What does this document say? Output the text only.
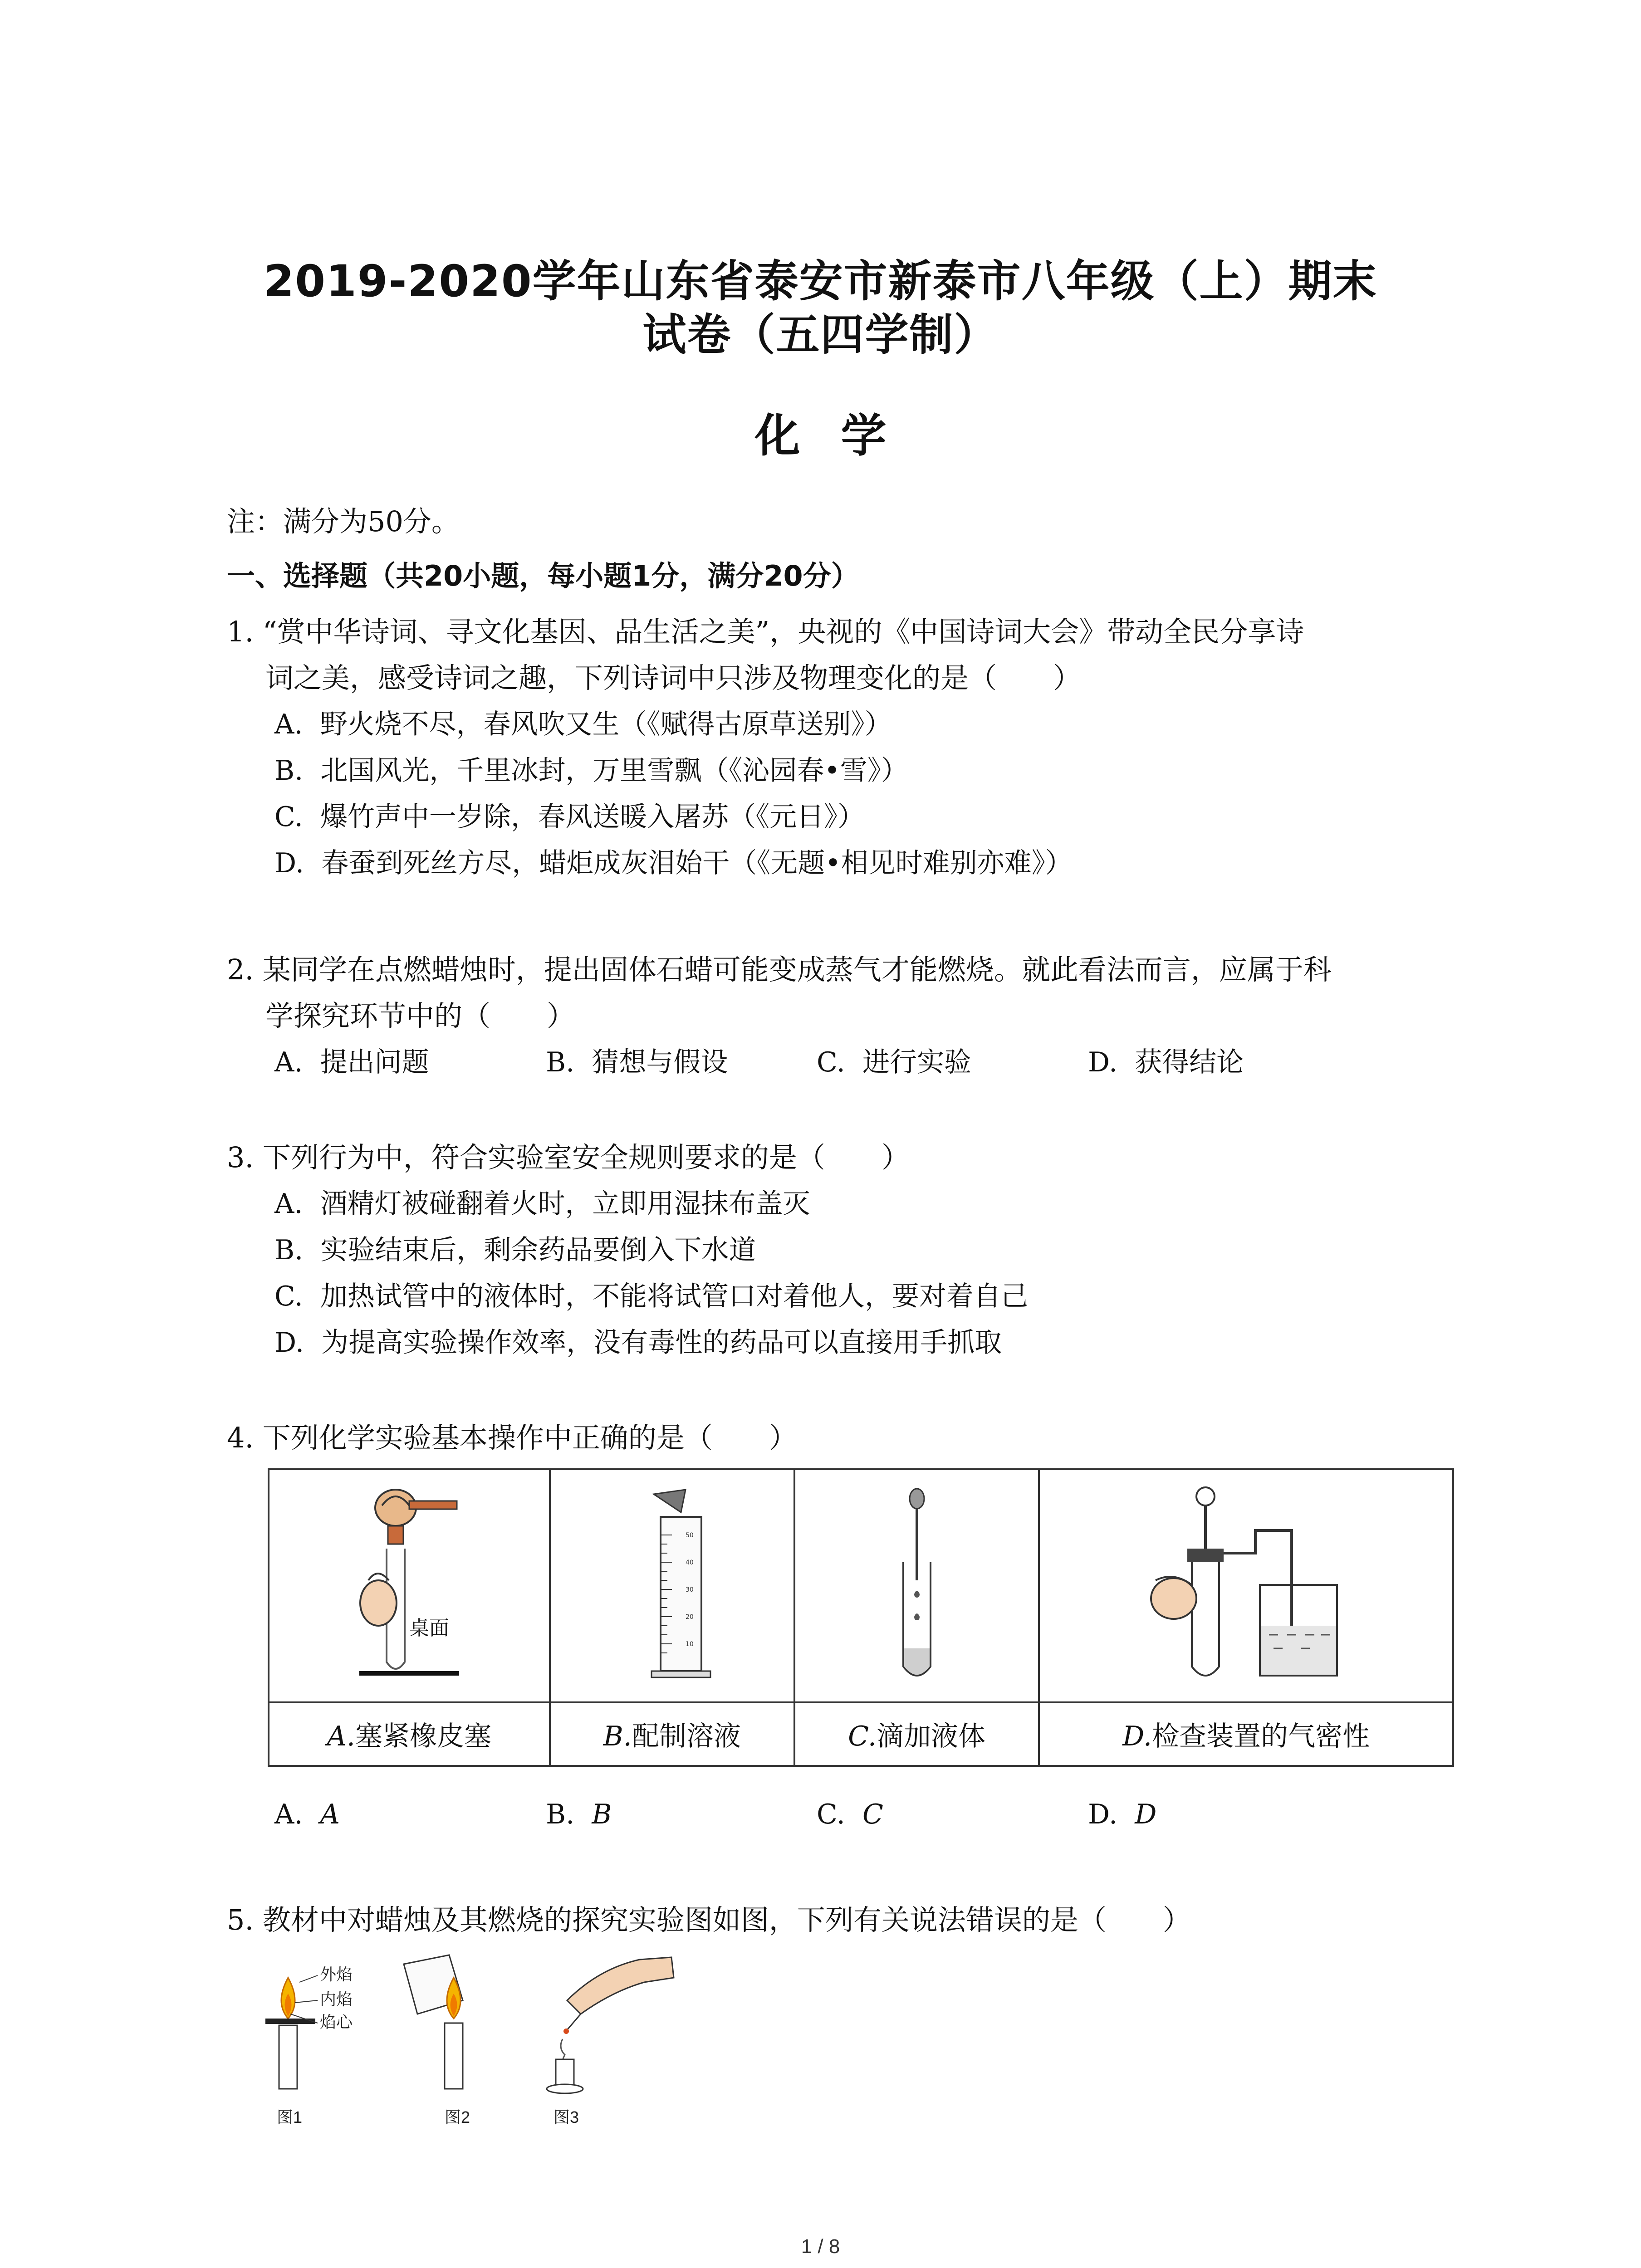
2019-2020学年山东省泰安市新泰市八年级（上）期末
试卷（五四学制）
化学
注：满分为50分。
一、选择题（共20小题，每小题1分，满分20分）
1. “赏中华诗词、寻文化基因、品生活之美”，央视的《中国诗词大会》带动全民分享诗
词之美，感受诗词之趣，下列诗词中只涉及物理变化的是（　　）
A. 野火烧不尽，春风吹又生（《赋得古原草送别》）
B. 北国风光，千里冰封，万里雪飘（《沁园春•雪》）
C. 爆竹声中一岁除，春风送暖入屠苏（《元日》）
D. 春蚕到死丝方尽，蜡炬成灰泪始干（《无题•相见时难别亦难》）
2. 某同学在点燃蜡烛时，提出固体石蜡可能变成蒸气才能燃烧。就此看法而言，应属于科
学探究环节中的（　　）
A. 提出问题	B. 猜想与假设	C. 进行实验	D. 获得结论
3. 下列行为中，符合实验室安全规则要求的是（　　）
A. 酒精灯被碰翻着火时，立即用湿抹布盖灭
B. 实验结束后，剩余药品要倒入下水道
C. 加热试管中的液体时，不能将试管口对着他人，要对着自己
D. 为提高实验操作效率，没有毒性的药品可以直接用手抓取
4. 下列化学实验基本操作中正确的是（　　）
桌面	50
40
30
20
10

A.塞紧橡皮塞	B.配制溶液	C.滴加液体	D.检查装置的气密性
A. A	B. B	C. C	D. D
5. 教材中对蜡烛及其燃烧的探究实验图如图，下列有关说法错误的是（　　）
外焰
内焰
焰心
图1	图2	图3
1 / 8
